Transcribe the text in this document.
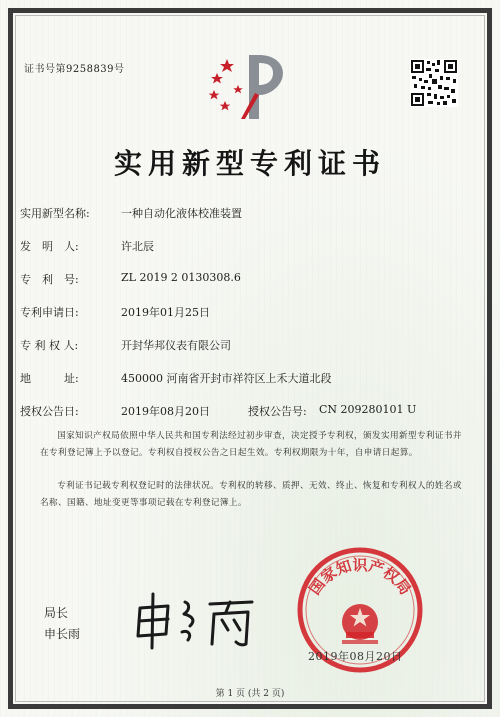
证书号第9258839号
实用新型专利证书
实用新型名称:	一种自动化液体校准装置
发　明　人:	许北辰
专　利　号:	ZL 2019 2 0130308.6
专利申请日:	2019年01月25日
专 利 权 人:	开封华邦仪表有限公司
地　　　址:	450000 河南省开封市祥符区上禾大道北段
授权公告日:	2019年08月20日	授权公告号: CN 209280101 U
国家知识产权局依照中华人民共和国专利法经过初步审查，决定授予专利权，颁发实用新型专利证书并在专利登记簿上予以登记。专利权自授权公告之日起生效。专利权期限为十年，自申请日起算。
专利证书记载专利权登记时的法律状况。专利权的转移、质押、无效、终止、恢复和专利权人的姓名或名称、国籍、地址变更等事项记载在专利登记簿上。
局长
申长雨
国家知识产权局
2019年08月20日
第 1 页 (共 2 页)
